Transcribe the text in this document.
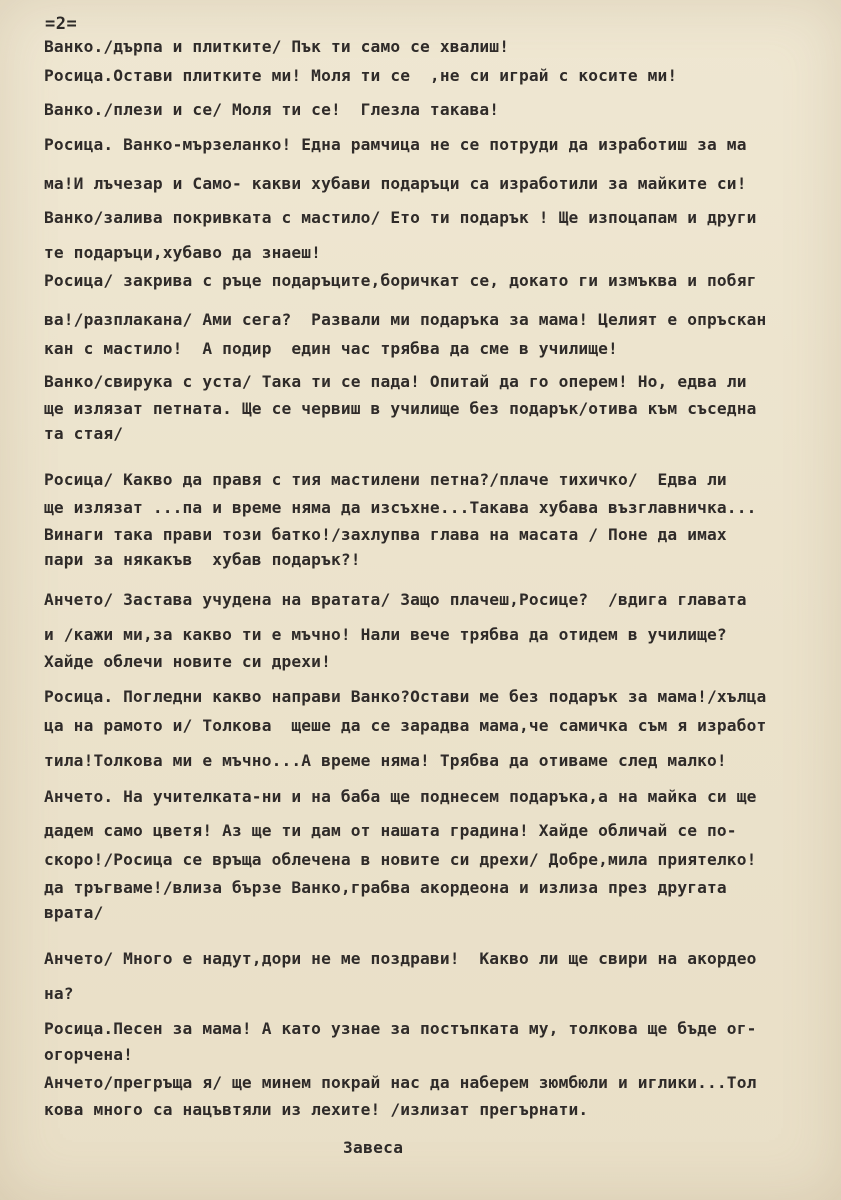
=2=
Ванко./дърпа и плитките/ Пък ти само се хвалиш!
Росица.Остави плитките ми! Моля ти се  ,не си играй с косите ми!
Ванко./плези и се/ Моля ти се!  Глезла такава!
Росица. Ванко-мързеланко! Една рамчица не се потруди да изработиш за ма
ма!И лъчезар и Само- какви хубави подаръци са изработили за майките си!
Ванко/залива покривката с мастило/ Ето ти подарък ! Ще изпоцапам и други
те подаръци,хубаво да знаеш!
Росица/ закрива с ръце подаръците,боричкат се, докато ги измъква и побяг
ва!/разплакана/ Ами сега?  Развали ми подаръка за мама! Целият е опръскан
кан с мастило!  А подир  един час трябва да сме в училище!
Ванко/свирука с уста/ Така ти се пада! Опитай да го оперем! Но, едва ли
ще излязат петната. Ще се червиш в училище без подарък/отива към съседна
та стая/
Росица/ Какво да правя с тия мастилени петна?/плаче тихичко/  Едва ли
ще излязат ...па и време няма да изсъхне...Такава хубава възглавничка...
Винаги така прави този батко!/захлупва глава на масата / Поне да имах
пари за някакъв  хубав подарък?!
Анчето/ Застава учудена на вратата/ Защо плачеш,Росице?  /вдига главата
и /кажи ми,за какво ти е мъчно! Нали вече трябва да отидем в училище?
Хайде облечи новите си дрехи!
Росица. Погледни какво направи Ванко?Остави ме без подарък за мама!/хълца
ца на рамото и/ Толкова  щеше да се зарадва мама,че самичка съм я изработ
тила!Толкова ми е мъчно...А време няма! Трябва да отиваме след малко!
Анчето. На учителката-ни и на баба ще поднесем подаръка,а на майка си ще
дадем само цветя! Аз ще ти дам от нашата градина! Хайде обличай се по-
скоро!/Росица се връща облечена в новите си дрехи/ Добре,мила приятелко!
да тръгваме!/влиза бързе Ванко,грабва акордеона и излиза през другата
врата/
Анчето/ Много е надут,дори не ме поздрави!  Какво ли ще свири на акордео
на?
Росица.Песен за мама! А като узнае за постъпката му, толкова ще бъде ог-
огорчена!
Анчето/прегръща я/ ще минем покрай нас да наберем зюмбюли и иглики...Тол
кова много са нацъвтяли из лехите! /излизат прегърнати.
Завеса
